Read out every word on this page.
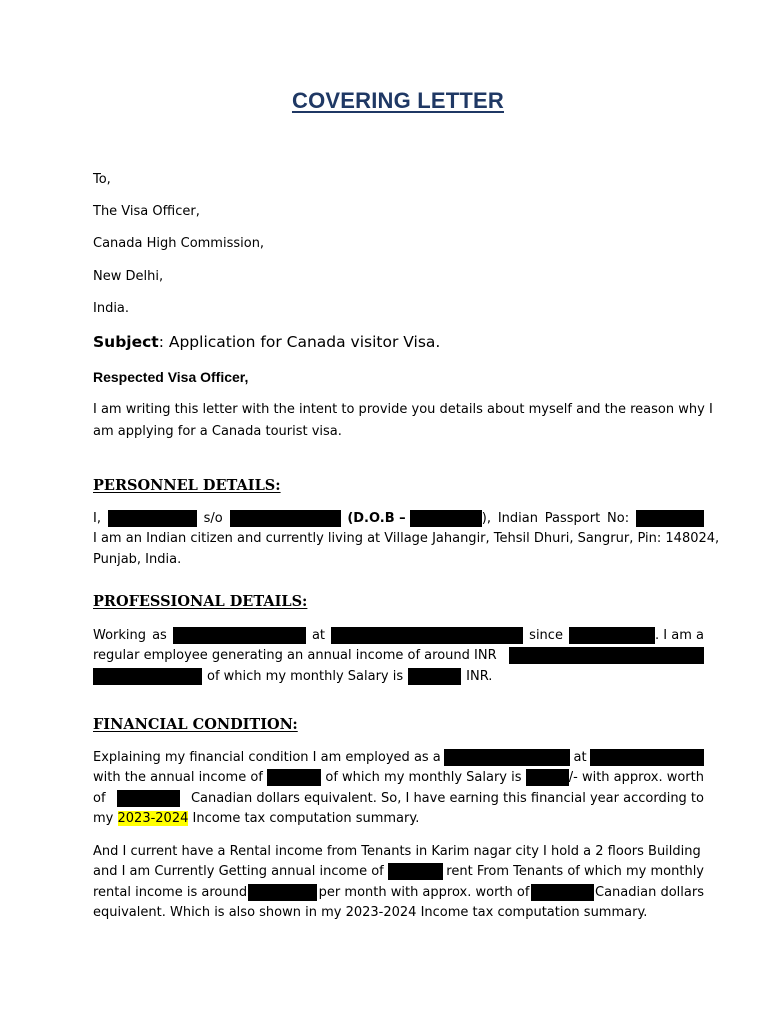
COVERING LETTER
To,
The Visa Officer,
Canada High Commission,
New Delhi,
India.
Subject: Application for Canada visitor Visa.
Respected Visa Officer,
I am writing this letter with the intent to provide you details about myself and the reason why I
am applying for a Canada tourist visa.
PERSONNEL DETAILS:
I,	s/o	(D.O.B –	), Indian Passport No:
I am an Indian citizen and currently living at Village Jahangir, Tehsil Dhuri, Sangrur, Pin: 148024,
Punjab, India.
PROFESSIONAL DETAILS:
Working as	at	since	. I am a
regular employee generating an annual income of around INR
of which my monthly Salary is	INR.
FINANCIAL CONDITION:
Explaining my financial condition I am employed as a	at
with the annual income of	of which my monthly Salary is	/- with approx. worth
of	Canadian dollars equivalent. So, I have earning this financial year according to
my 2023-2024 Income tax computation summary.
And I current have a Rental income from Tenants in Karim nagar city I hold a 2 floors Building
and I am Currently Getting annual income of	rent From Tenants of which my monthly
rental income is around	per month with approx. worth of	Canadian dollars
equivalent. Which is also shown in my 2023-2024 Income tax computation summary.
